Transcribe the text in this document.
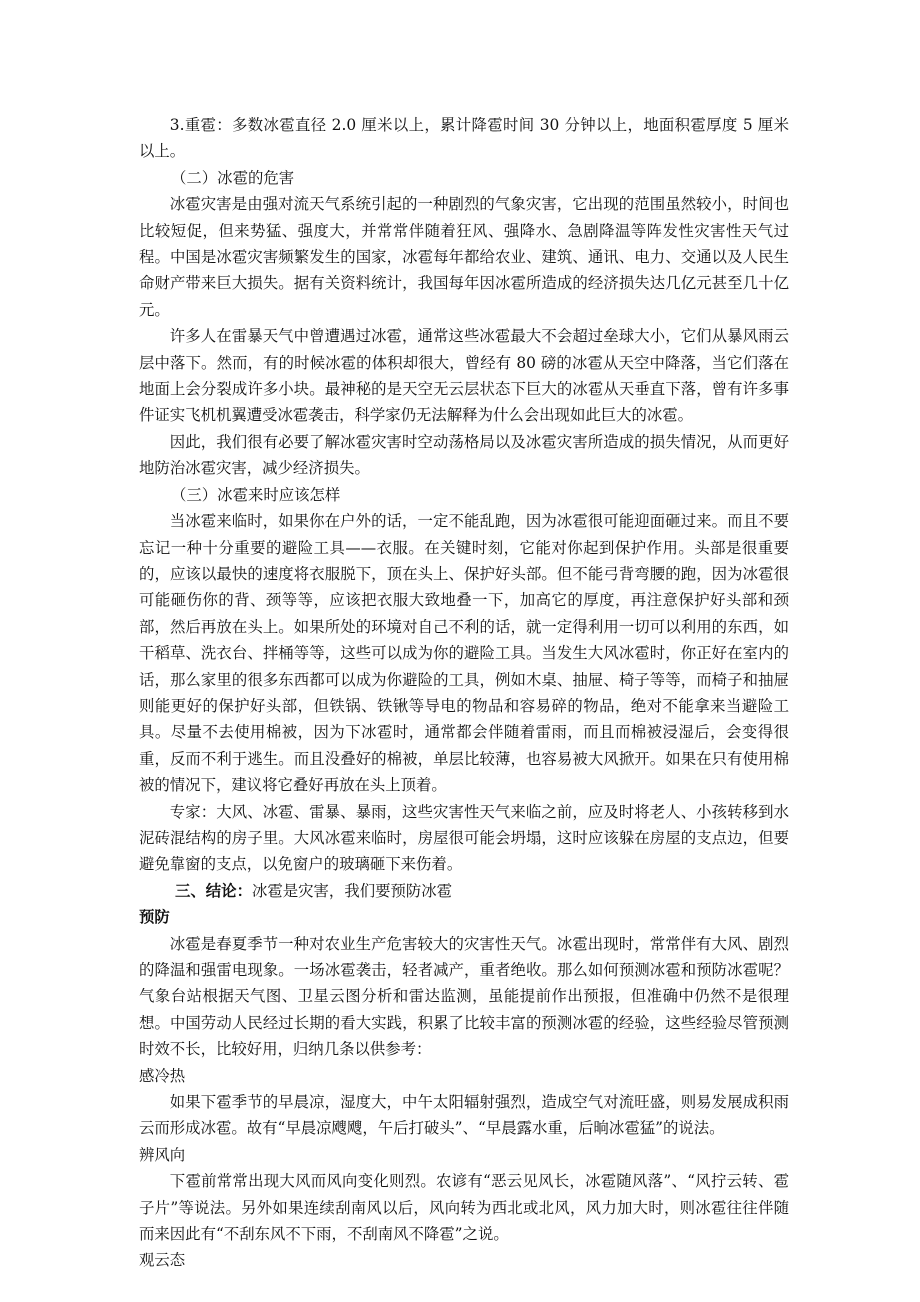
3.重雹：多数冰雹直径 2.0 厘米以上，累计降雹时间 30 分钟以上，地面积雹厚度 5 厘米以上。

（二）冰雹的危害

冰雹灾害是由强对流天气系统引起的一种剧烈的气象灾害，它出现的范围虽然较小，时间也比较短促，但来势猛、强度大，并常常伴随着狂风、强降水、急剧降温等阵发性灾害性天气过程。中国是冰雹灾害频繁发生的国家，冰雹每年都给农业、建筑、通讯、电力、交通以及人民生命财产带来巨大损失。据有关资料统计，我国每年因冰雹所造成的经济损失达几亿元甚至几十亿元。

许多人在雷暴天气中曾遭遇过冰雹，通常这些冰雹最大不会超过垒球大小，它们从暴风雨云层中落下。然而，有的时候冰雹的体积却很大，曾经有 80 磅的冰雹从天空中降落，当它们落在地面上会分裂成许多小块。最神秘的是天空无云层状态下巨大的冰雹从天垂直下落，曾有许多事件证实飞机机翼遭受冰雹袭击，科学家仍无法解释为什么会出现如此巨大的冰雹。

因此，我们很有必要了解冰雹灾害时空动荡格局以及冰雹灾害所造成的损失情况，从而更好地防治冰雹灾害，减少经济损失。

（三）冰雹来时应该怎样

当冰雹来临时，如果你在户外的话，一定不能乱跑，因为冰雹很可能迎面砸过来。而且不要忘记一种十分重要的避险工具——衣服。在关键时刻，它能对你起到保护作用。头部是很重要的，应该以最快的速度将衣服脱下，顶在头上、保护好头部。但不能弓背弯腰的跑，因为冰雹很可能砸伤你的背、颈等等，应该把衣服大致地叠一下，加高它的厚度，再注意保护好头部和颈部，然后再放在头上。如果所处的环境对自己不利的话，就一定得利用一切可以利用的东西，如干稻草、洗衣台、拌桶等等，这些可以成为你的避险工具。当发生大风冰雹时，你正好在室内的话，那么家里的很多东西都可以成为你避险的工具，例如木桌、抽屉、椅子等等，而椅子和抽屉则能更好的保护好头部，但铁锅、铁锹等导电的物品和容易碎的物品，绝对不能拿来当避险工具。尽量不去使用棉被，因为下冰雹时，通常都会伴随着雷雨，而且而棉被浸湿后，会变得很重，反而不利于逃生。而且没叠好的棉被，单层比较薄，也容易被大风掀开。如果在只有使用棉被的情况下，建议将它叠好再放在头上顶着。

专家：大风、冰雹、雷暴、暴雨，这些灾害性天气来临之前，应及时将老人、小孩转移到水泥砖混结构的房子里。大风冰雹来临时，房屋很可能会坍塌，这时应该躲在房屋的支点边，但要避免靠窗的支点，以免窗户的玻璃砸下来伤着。

三、结论：冰雹是灾害，我们要预防冰雹

预防

冰雹是春夏季节一种对农业生产危害较大的灾害性天气。冰雹出现时，常常伴有大风、剧烈的降温和强雷电现象。一场冰雹袭击，轻者减产，重者绝收。那么如何预测冰雹和预防冰雹呢？气象台站根据天气图、卫星云图分析和雷达监测，虽能提前作出预报，但准确中仍然不是很理想。中国劳动人民经过长期的看大实践，积累了比较丰富的预测冰雹的经验，这些经验尽管预测时效不长，比较好用，归纳几条以供参考：

感冷热

如果下雹季节的早晨凉，湿度大，中午太阳辐射强烈，造成空气对流旺盛，则易发展成积雨云而形成冰雹。故有“早晨凉飕飕，午后打破头”、“早晨露水重，后晌冰雹猛”的说法。

辨风向

下雹前常常出现大风而风向变化则烈。农谚有“恶云见风长，冰雹随风落”、“风拧云转、雹子片”等说法。另外如果连续刮南风以后，风向转为西北或北风，风力加大时，则冰雹往往伴随而来因此有“不刮东风不下雨，不刮南风不降雹”之说。

观云态
